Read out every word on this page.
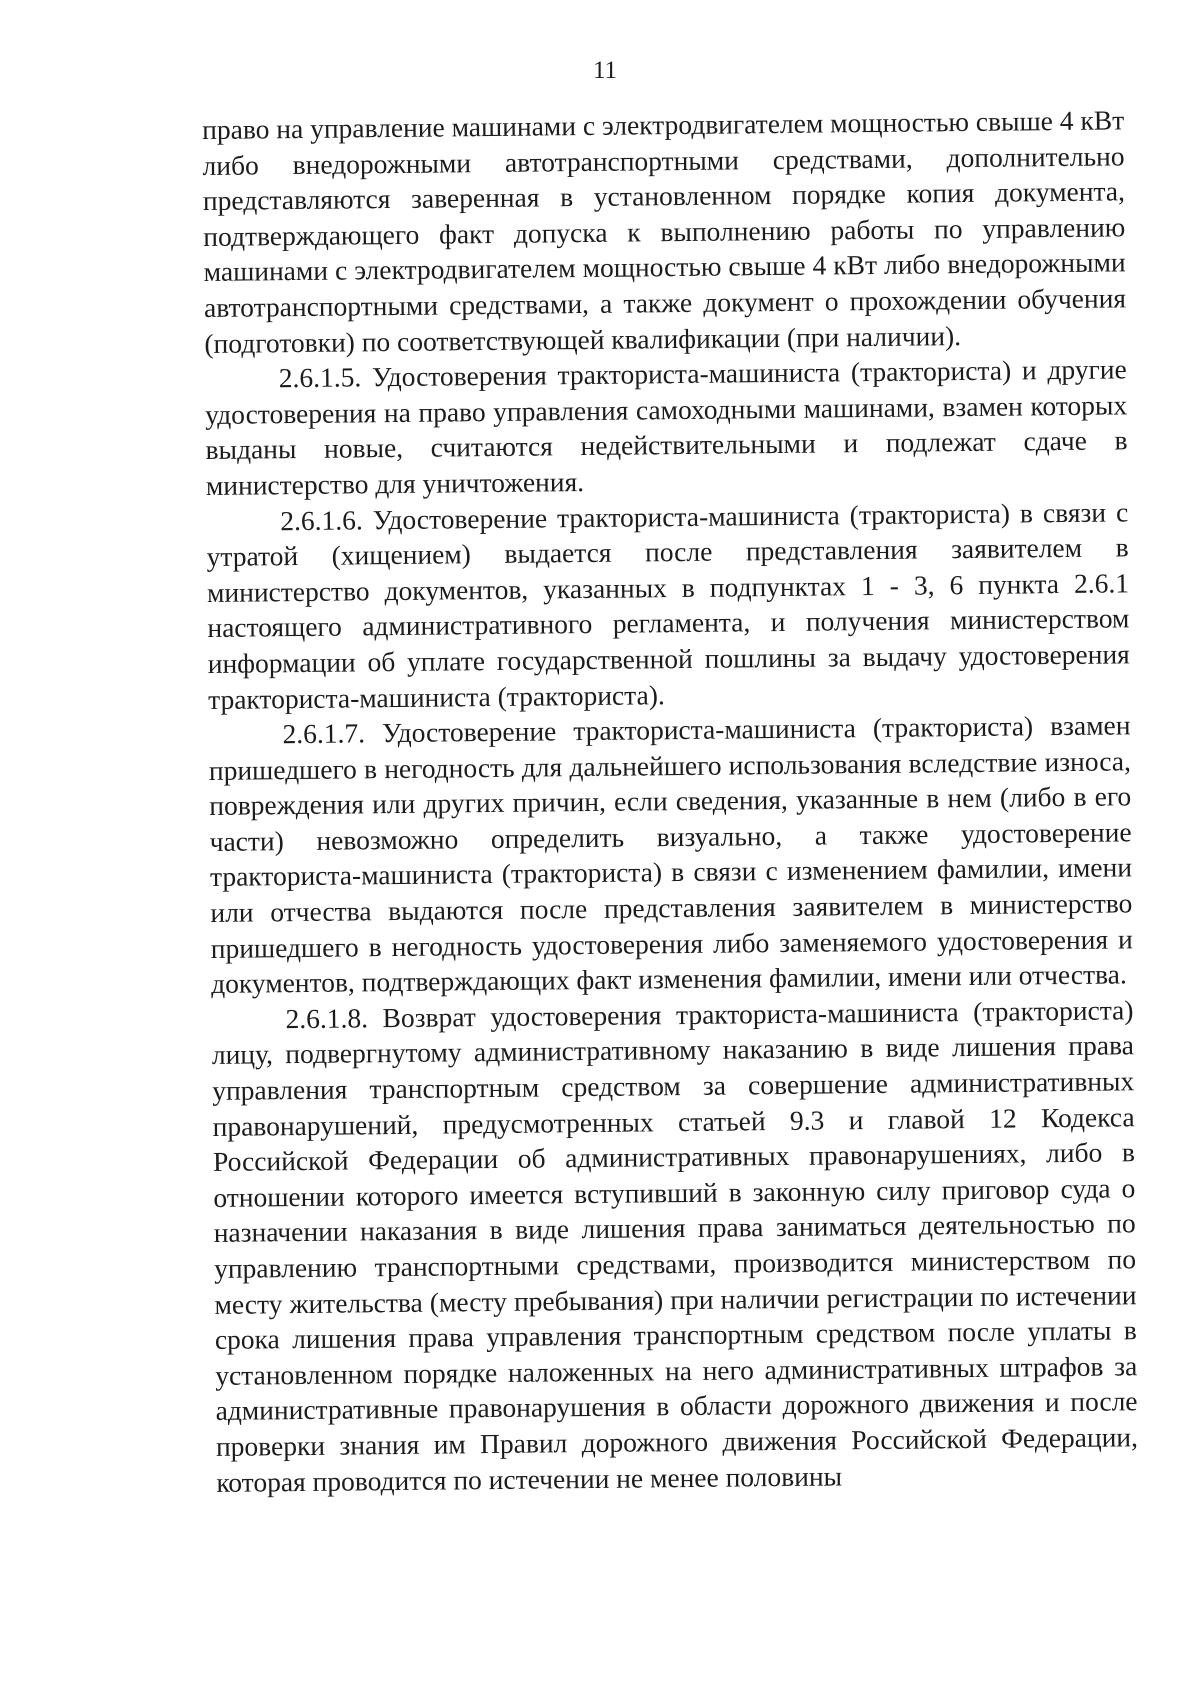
11

право на управление машинами с электродвигателем мощностью свыше 4 кВт либо внедорожными автотранспортными средствами, дополнительно представляются заверенная в установленном порядке копия документа, подтверждающего факт допуска к выполнению работы по управлению машинами с электродвигателем мощностью свыше 4 кВт либо внедорожными автотранспортными средствами, а также документ о прохождении обучения (подготовки) по соответствующей квалификации (при наличии).

2.6.1.5. Удостоверения тракториста-машиниста (тракториста) и другие удостоверения на право управления самоходными машинами, взамен которых выданы новые, считаются недействительными и подлежат сдаче в министерство для уничтожения.

2.6.1.6. Удостоверение тракториста-машиниста (тракториста) в связи с утратой (хищением) выдается после представления заявителем в министерство документов, указанных в подпунктах 1 - 3, 6 пункта 2.6.1 настоящего административного регламента, и получения министерством информации об уплате государственной пошлины за выдачу удостоверения тракториста-машиниста (тракториста).

2.6.1.7. Удостоверение тракториста-машиниста (тракториста) взамен пришедшего в негодность для дальнейшего использования вследствие износа, повреждения или других причин, если сведения, указанные в нем (либо в его части) невозможно определить визуально, а также удостоверение тракториста-машиниста (тракториста) в связи с изменением фамилии, имени или отчества выдаются после представления заявителем в министерство пришедшего в негодность удостоверения либо заменяемого удостоверения и документов, подтверждающих факт изменения фамилии, имени или отчества.

2.6.1.8. Возврат удостоверения тракториста-машиниста (тракториста) лицу, подвергнутому административному наказанию в виде лишения права управления транспортным средством за совершение административных правонарушений, предусмотренных статьей 9.3 и главой 12 Кодекса Российской Федерации об административных правонарушениях, либо в отношении которого имеется вступивший в законную силу приговор суда о назначении наказания в виде лишения права заниматься деятельностью по управлению транспортными средствами, производится министерством по месту жительства (месту пребывания) при наличии регистрации по истечении срока лишения права управления транспортным средством после уплаты в установленном порядке наложенных на него административных штрафов за административные правонарушения в области дорожного движения и после проверки знания им Правил дорожного движения Российской Федерации, которая проводится по истечении не менее половины
